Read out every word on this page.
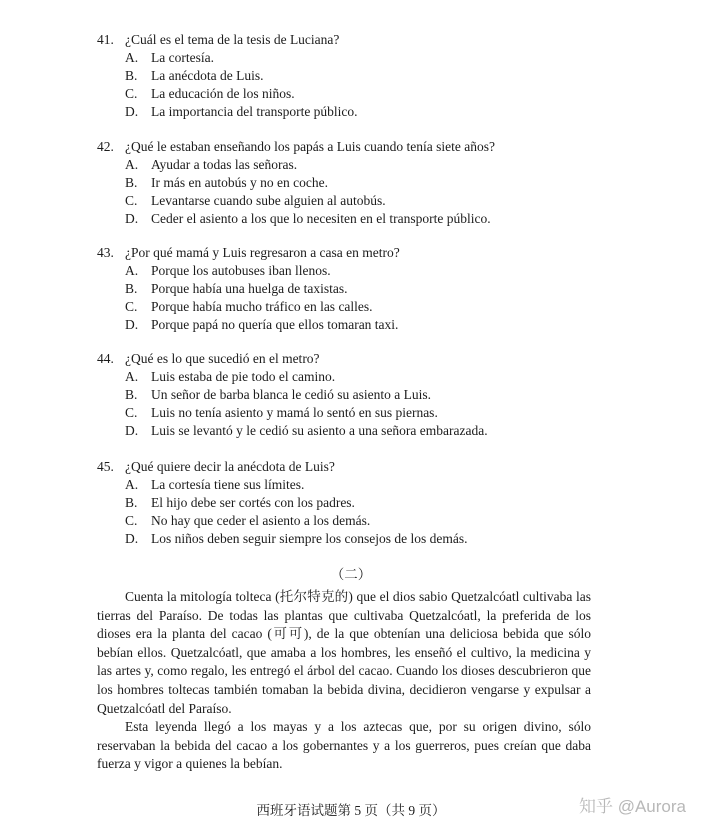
41. ¿Cuál es el tema de la tesis de Luciana?
A. La cortesía.
B. La anécdota de Luis.
C. La educación de los niños.
D. La importancia del transporte público.
42. ¿Qué le estaban enseñando los papás a Luis cuando tenía siete años?
A. Ayudar a todas las señoras.
B. Ir más en autobús y no en coche.
C. Levantarse cuando sube alguien al autobús.
D. Ceder el asiento a los que lo necesiten en el transporte público.
43. ¿Por qué mamá y Luis regresaron a casa en metro?
A. Porque los autobuses iban llenos.
B. Porque había una huelga de taxistas.
C. Porque había mucho tráfico en las calles.
D. Porque papá no quería que ellos tomaran taxi.
44. ¿Qué es lo que sucedió en el metro?
A. Luis estaba de pie todo el camino.
B. Un señor de barba blanca le cedió su asiento a Luis.
C. Luis no tenía asiento y mamá lo sentó en sus piernas.
D. Luis se levantó y le cedió su asiento a una señora embarazada.
45. ¿Qué quiere decir la anécdota de Luis?
A. La cortesía tiene sus límites.
B. El hijo debe ser cortés con los padres.
C. No hay que ceder el asiento a los demás.
D. Los niños deben seguir siempre los consejos de los demás.
（二）

Cuenta la mitología tolteca (托尔特克的) que el dios sabio Quetzalcóatl cultivaba las tierras del Paraíso. De todas las plantas que cultivaba Quetzalcóatl, la preferida de los dioses era la planta del cacao (可可), de la que obtenían una deliciosa bebida que sólo bebían ellos. Quetzalcóatl, que amaba a los hombres, les enseñó el cultivo, la medicina y las artes y, como regalo, les entregó el árbol del cacao. Cuando los dioses descubrieron que los hombres toltecas también tomaban la bebida divina, decidieron vengarse y expulsar a Quetzalcóatl del Paraíso.

Esta leyenda llegó a los mayas y a los aztecas que, por su origen divino, sólo reservaban la bebida del cacao a los gobernantes y a los guerreros, pues creían que daba fuerza y vigor a quienes la bebían.

西班牙语试题第 5 页（共 9 页）	知乎 @Aurora
